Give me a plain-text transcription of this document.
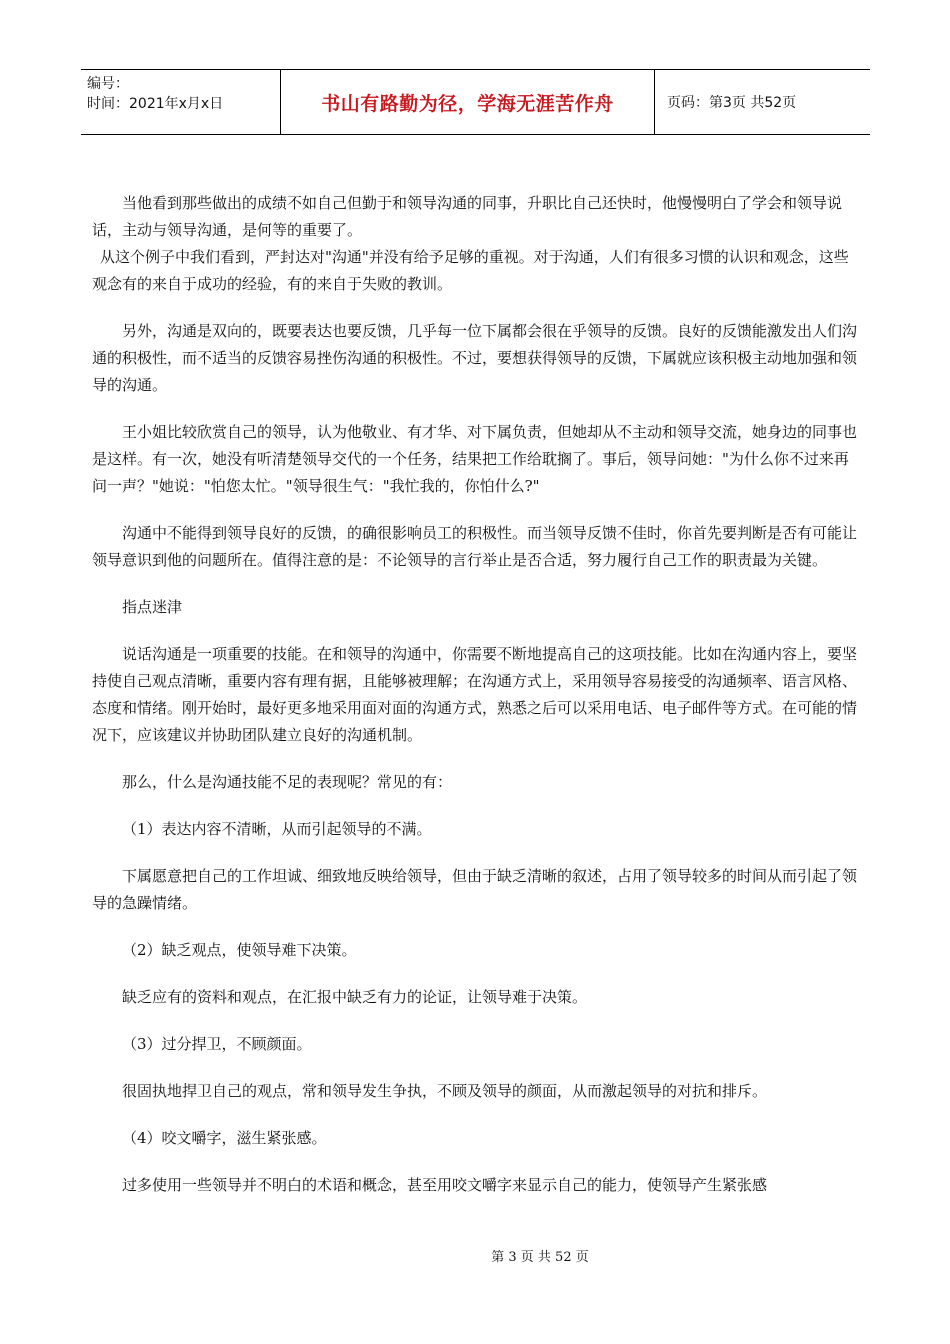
编号：
时间：2021年x月x日	书山有路勤为径，学海无涯苦作舟	页码：第3页 共52页

当他看到那些做出的成绩不如自己但勤于和领导沟通的同事，升职比自己还快时，他慢慢明白了学会和领导说话，主动与领导沟通，是何等的重要了。

从这个例子中我们看到，严封达对"沟通"并没有给予足够的重视。对于沟通，人们有很多习惯的认识和观念，这些观念有的来自于成功的经验，有的来自于失败的教训。

另外，沟通是双向的，既要表达也要反馈，几乎每一位下属都会很在乎领导的反馈。良好的反馈能激发出人们沟通的积极性，而不适当的反馈容易挫伤沟通的积极性。不过，要想获得领导的反馈，下属就应该积极主动地加强和领导的沟通。

王小姐比较欣赏自己的领导，认为他敬业、有才华、对下属负责，但她却从不主动和领导交流，她身边的同事也是这样。有一次，她没有听清楚领导交代的一个任务，结果把工作给耽搁了。事后，领导问她："为什么你不过来再问一声？"她说："怕您太忙。"领导很生气："我忙我的，你怕什么?"

沟通中不能得到领导良好的反馈，的确很影响员工的积极性。而当领导反馈不佳时，你首先要判断是否有可能让领导意识到他的问题所在。值得注意的是：不论领导的言行举止是否合适，努力履行自己工作的职责最为关键。

指点迷津

说话沟通是一项重要的技能。在和领导的沟通中，你需要不断地提高自己的这项技能。比如在沟通内容上，要坚持使自己观点清晰，重要内容有理有据，且能够被理解；在沟通方式上，采用领导容易接受的沟通频率、语言风格、态度和情绪。刚开始时，最好更多地采用面对面的沟通方式，熟悉之后可以采用电话、电子邮件等方式。在可能的情况下，应该建议并协助团队建立良好的沟通机制。

那么，什么是沟通技能不足的表现呢？常见的有：

（1）表达内容不清晰，从而引起领导的不满。

下属愿意把自己的工作坦诚、细致地反映给领导，但由于缺乏清晰的叙述，占用了领导较多的时间从而引起了领导的急躁情绪。

（2）缺乏观点，使领导难下决策。

缺乏应有的资料和观点，在汇报中缺乏有力的论证，让领导难于决策。

（3）过分捍卫，不顾颜面。

很固执地捍卫自己的观点，常和领导发生争执，不顾及领导的颜面，从而激起领导的对抗和排斥。

（4）咬文嚼字，滋生紧张感。

过多使用一些领导并不明白的术语和概念，甚至用咬文嚼字来显示自己的能力，使领导产生紧张感

第 3 页 共 52 页
